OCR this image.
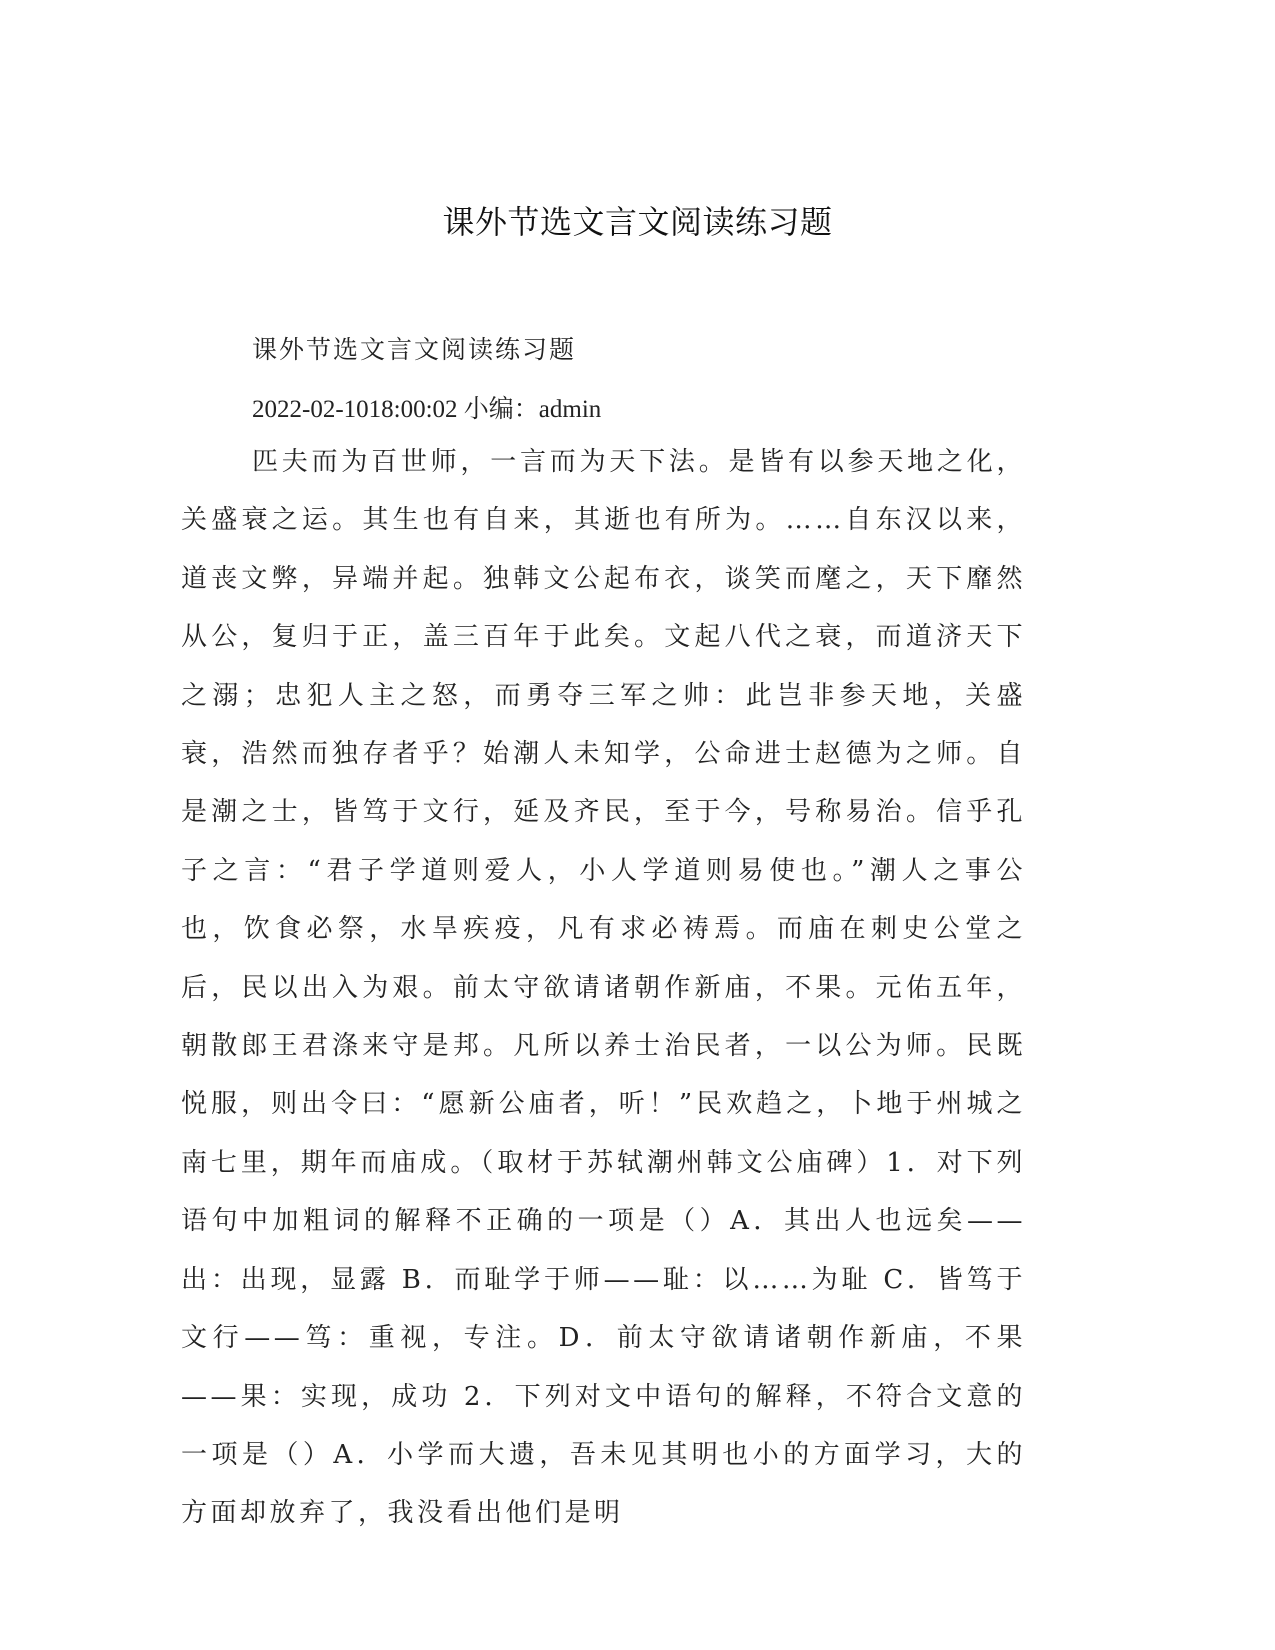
课外节选文言文阅读练习题
课外节选文言文阅读练习题
2022-02-1018:00:02 小编：admin
匹夫而为百世师，一言而为天下法。是皆有以参天地之化，关盛衰之运。其生也有自来，其逝也有所为。……自东汉以来，道丧文弊，异端并起。独韩文公起布衣，谈笑而麾之，天下靡然从公，复归于正，盖三百年于此矣。文起八代之衰，而道济天下之溺；忠犯人主之怒，而勇夺三军之帅：此岂非参天地，关盛衰，浩然而独存者乎？始潮人未知学，公命进士赵德为之师。自是潮之士，皆笃于文行，延及齐民，至于今，号称易治。信乎孔子之言：“君子学道则爱人，小人学道则易使也。”潮人之事公也，饮食必祭，水旱疾疫，凡有求必祷焉。而庙在刺史公堂之后，民以出入为艰。前太守欲请诸朝作新庙，不果。元佑五年，朝散郎王君涤来守是邦。凡所以养士治民者，一以公为师。民既悦服，则出令曰：“愿新公庙者，听！”民欢趋之，卜地于州城之南七里，期年而庙成。（取材于苏轼潮州韩文公庙碑）1．对下列语句中加粗词的解释不正确的一项是（）A．其出人也远矣——出：出现，显露 B．而耻学于师——耻：以……为耻 C．皆笃于文行——笃：重视，专注。D．前太守欲请诸朝作新庙，不果——果：实现，成功 2．下列对文中语句的解释，不符合文意的一项是（）A．小学而大遗，吾未见其明也小的方面学习，大的方面却放弃了，我没看出他们是明
